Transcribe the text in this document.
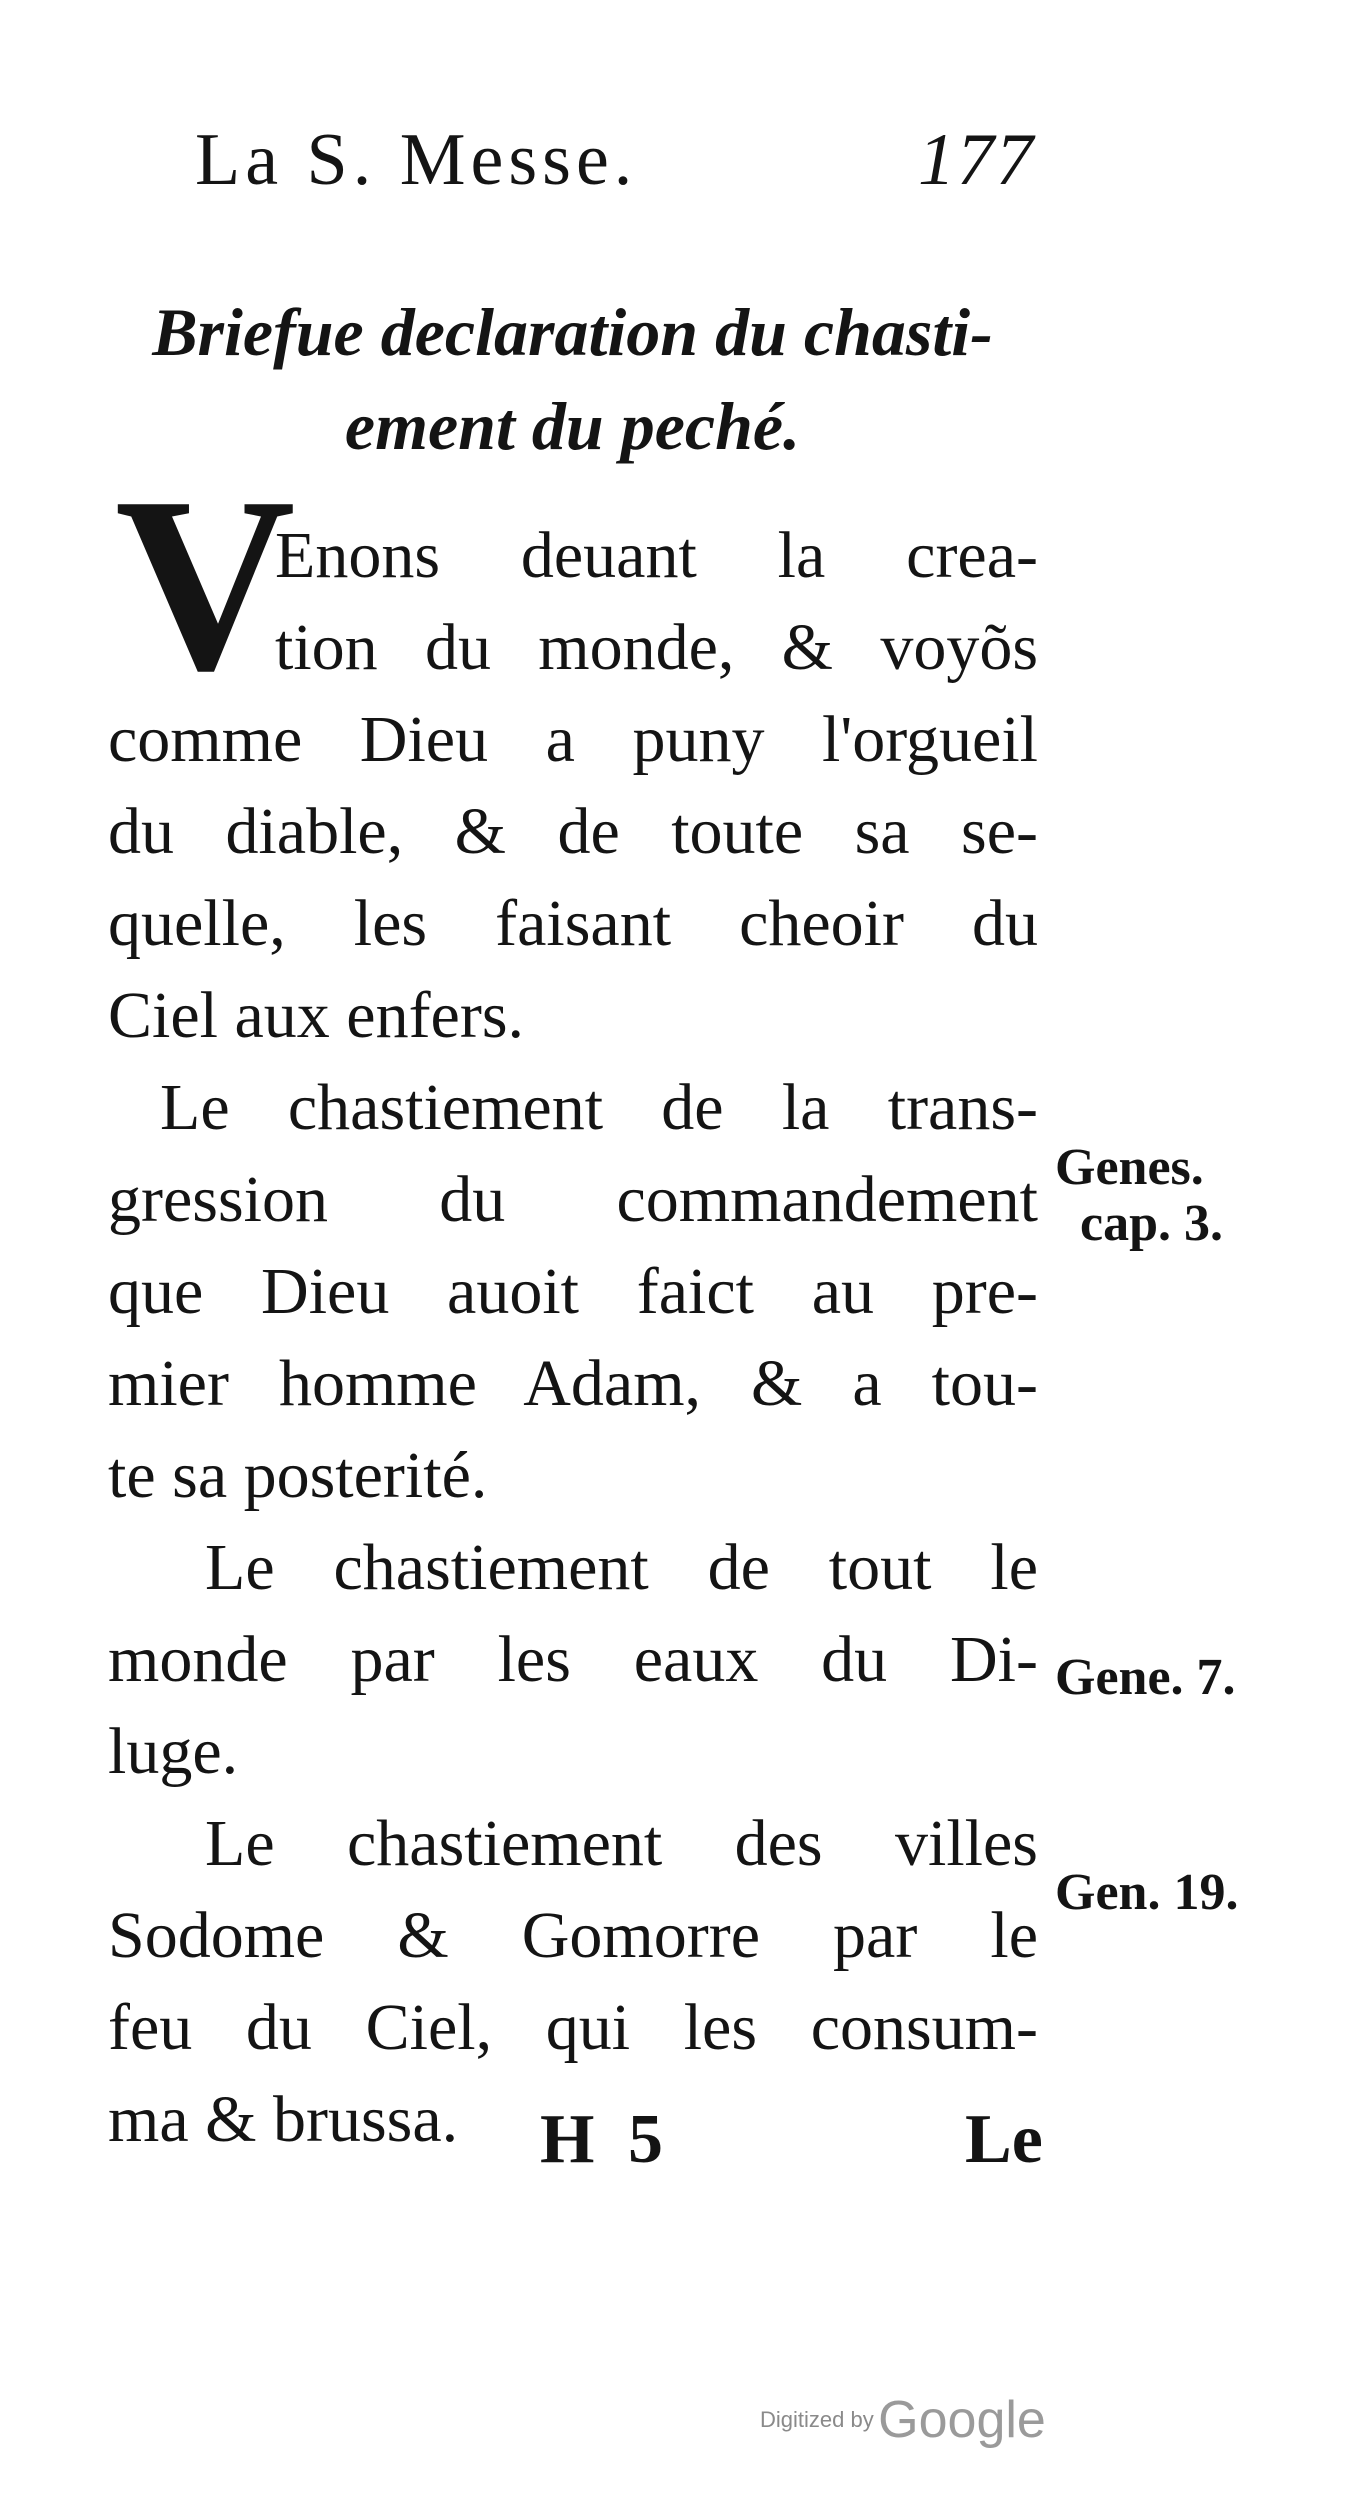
La S. Messe.	177
Briefue declaration du chasti-
ement du peché.
V
Enons deuant la crea-
tion du monde, & voyõs
comme Dieu a puny l'orgueil
du diable, & de toute sa se-
quelle, les faisant cheoir du
Ciel aux enfers.
Le chastiement de la trans-
gression du commandement
que Dieu auoit faict au pre-
mier homme Adam, & a tou-
te sa posterité.
Le chastiement de tout le
monde par les eaux du Di-
luge.
Le chastiement des villes
Sodome & Gomorre par le
feu du Ciel, qui les consum-
ma & brussa.
Genes.
cap. 3.
Gene. 7.
Gen. 19.
H 5	Le
Digitized by Google
